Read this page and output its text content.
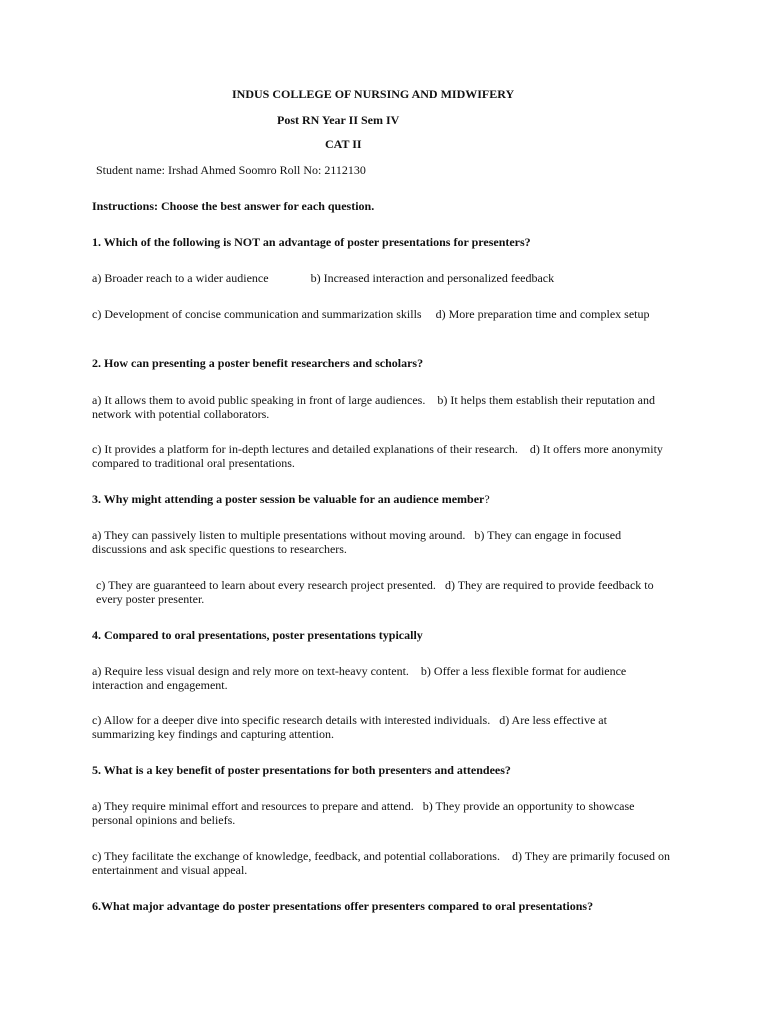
INDUS COLLEGE OF NURSING AND MIDWIFERY
Post RN Year II Sem IV
CAT II
Student name: Irshad Ahmed Soomro Roll No: 2112130
Instructions: Choose the best answer for each question.
1. Which of the following is NOT an advantage of poster presentations for presenters?
a) Broader reach to a wider audience	b) Increased interaction and personalized feedback
c) Development of concise communication and summarization skills d) More preparation time and complex setup
2. How can presenting a poster benefit researchers and scholars?
a) It allows them to avoid public speaking in front of large audiences. b) It helps them establish their reputation and network with potential collaborators.
c) It provides a platform for in-depth lectures and detailed explanations of their research. d) It offers more anonymity compared to traditional oral presentations.
3. Why might attending a poster session be valuable for an audience member?
a) They can passively listen to multiple presentations without moving around. b) They can engage in focused discussions and ask specific questions to researchers.
c) They are guaranteed to learn about every research project presented. d) They are required to provide feedback to every poster presenter.
4. Compared to oral presentations, poster presentations typically
a) Require less visual design and rely more on text-heavy content. b) Offer a less flexible format for audience interaction and engagement.
c) Allow for a deeper dive into specific research details with interested individuals. d) Are less effective at summarizing key findings and capturing attention.
5. What is a key benefit of poster presentations for both presenters and attendees?
a) They require minimal effort and resources to prepare and attend. b) They provide an opportunity to showcase personal opinions and beliefs.
c) They facilitate the exchange of knowledge, feedback, and potential collaborations. d) They are primarily focused on entertainment and visual appeal.
6.What major advantage do poster presentations offer presenters compared to oral presentations?
